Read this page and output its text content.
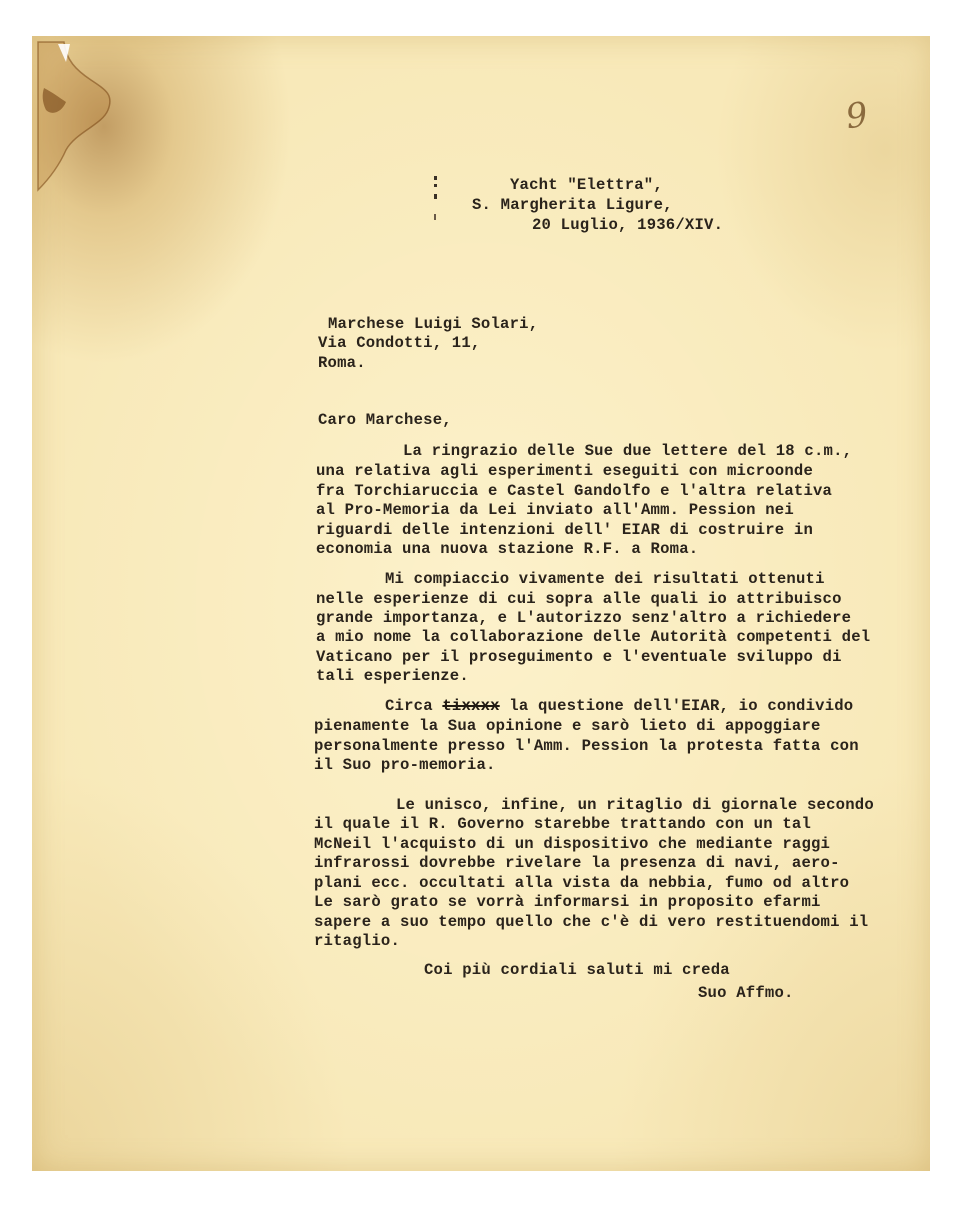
9
Yacht "Elettra",
S. Margherita Ligure,
20 Luglio, 1936/XIV.
Marchese Luigi Solari,
Via Condotti, 11,
Roma.
Caro Marchese,
La ringrazio delle Sue due lettere del 18 c.m.,
una relativa agli esperimenti eseguiti con microonde
fra Torchiaruccia e Castel Gandolfo e l'altra relativa
al Pro-Memoria da Lei inviato all'Amm. Pession nei
riguardi delle intenzioni dell' EIAR di costruire in
economia una nuova stazione R.F. a Roma.
Mi compiaccio vivamente dei risultati ottenuti
nelle esperienze di cui sopra alle quali io attribuisco
grande importanza, e L'autorizzo senz'altro a richiedere
a mio nome la collaborazione delle Autorità competenti del
Vaticano per il proseguimento e l'eventuale sviluppo di
tali esperienze.
Circa tixxxx la questione dell'EIAR, io condivido
pienamente la Sua opinione e sarò lieto di appoggiare
personalmente presso l'Amm. Pession la protesta fatta con
il Suo pro-memoria.
Le unisco, infine, un ritaglio di giornale secondo
il quale il R. Governo starebbe trattando con un tal
McNeil l'acquisto di un dispositivo che mediante raggi
infrarossi dovrebbe rivelare la presenza di navi, aero-
plani ecc. occultati alla vista da nebbia, fumo od altro
Le sarò grato se vorrà informarsi in proposito efarmi
sapere a suo tempo quello che c'è di vero restituendomi il
ritaglio.
Coi più cordiali saluti mi creda
Suo Affmo.
